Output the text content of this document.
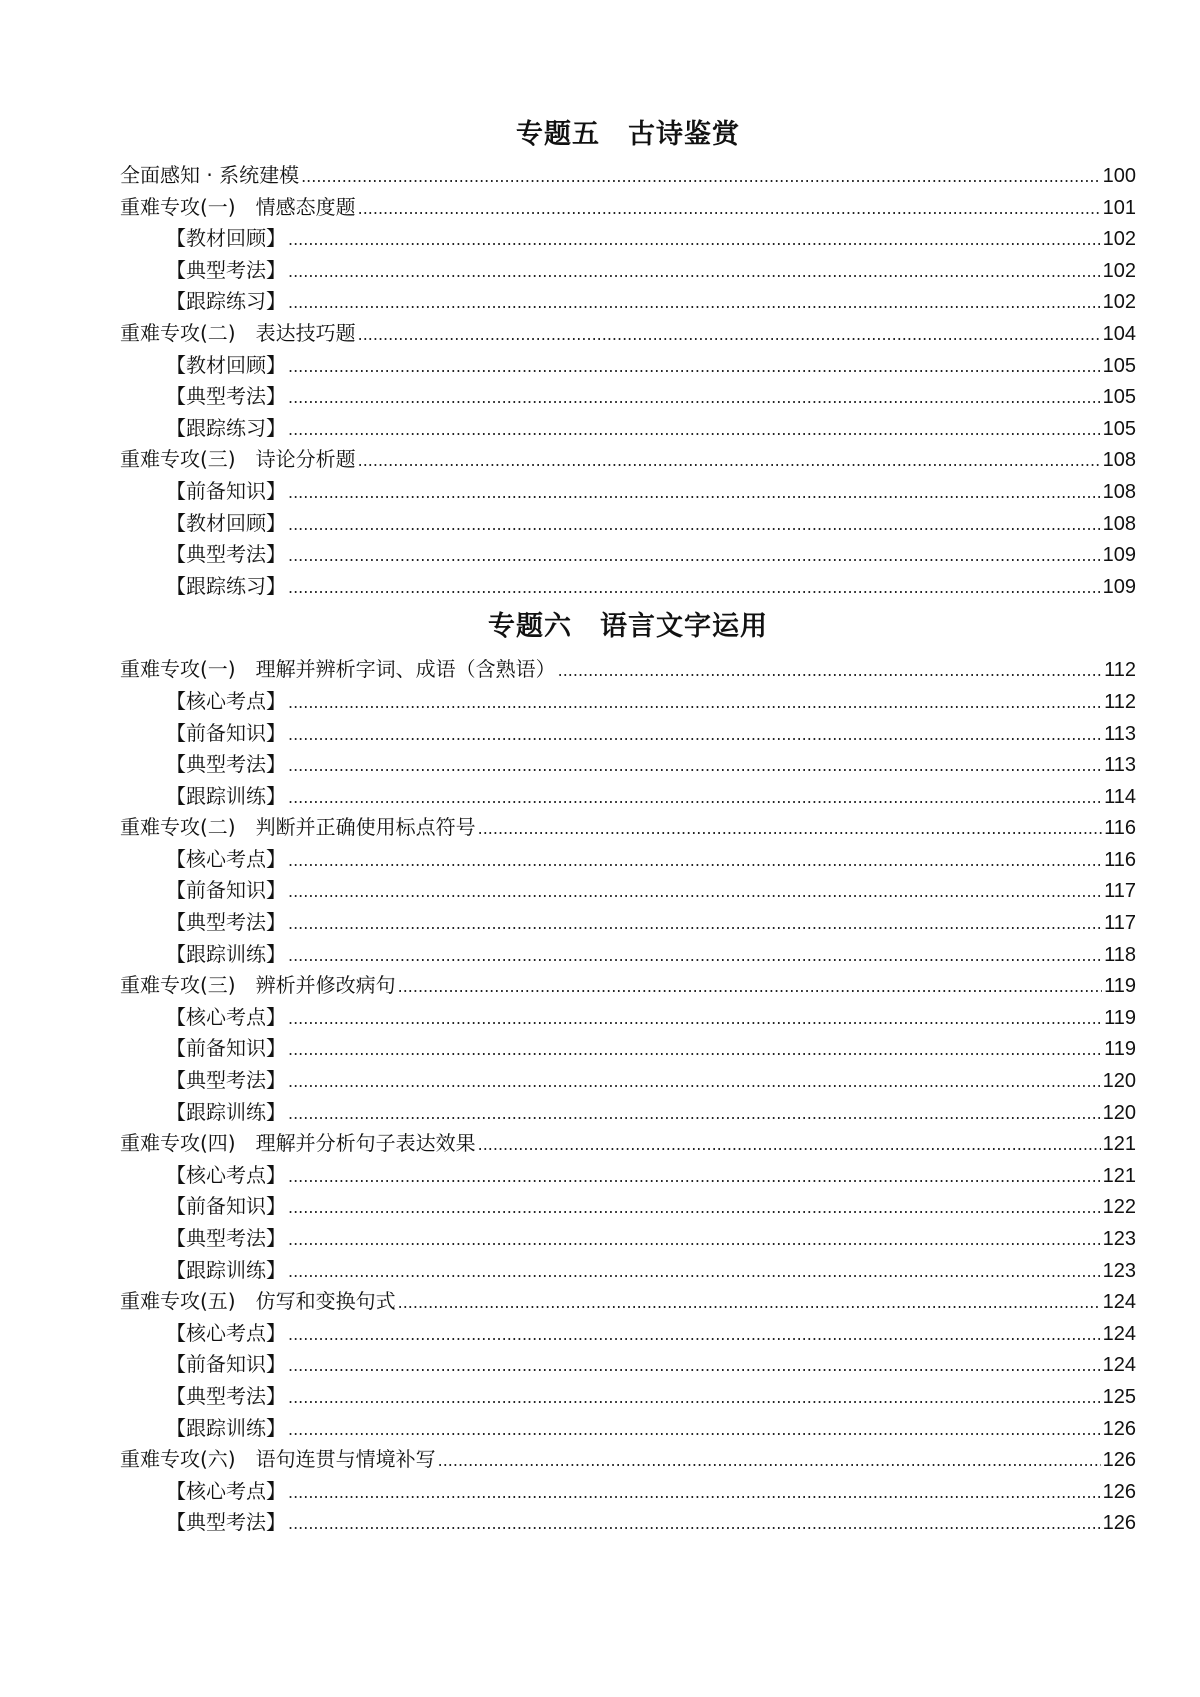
专题五　古诗鉴赏
全面感知 · 系统建模 .....	100
重难专攻(一)　情感态度题 .....	101
【教材回顾】 .....	102
【典型考法】 .....	102
【跟踪练习】 .....	102
重难专攻(二)　表达技巧题 .....	104
【教材回顾】 .....	105
【典型考法】 .....	105
【跟踪练习】 .....	105
重难专攻(三)　诗论分析题 .....	108
【前备知识】 .....	108
【教材回顾】 .....	108
【典型考法】 .....	109
【跟踪练习】 .....	109
专题六　语言文字运用
重难专攻(一)　理解并辨析字词、成语（含熟语） .....	112
【核心考点】 .....	112
【前备知识】 .....	113
【典型考法】 .....	113
【跟踪训练】 .....	114
重难专攻(二)　判断并正确使用标点符号 .....	116
【核心考点】 .....	116
【前备知识】 .....	117
【典型考法】 .....	117
【跟踪训练】 .....	118
重难专攻(三)　辨析并修改病句 .....	119
【核心考点】 .....	119
【前备知识】 .....	119
【典型考法】 .....	120
【跟踪训练】 .....	120
重难专攻(四)　理解并分析句子表达效果 .....	121
【核心考点】 .....	121
【前备知识】 .....	122
【典型考法】 .....	123
【跟踪训练】 .....	123
重难专攻(五)　仿写和变换句式 .....	124
【核心考点】 .....	124
【前备知识】 .....	124
【典型考法】 .....	125
【跟踪训练】 .....	126
重难专攻(六)　语句连贯与情境补写 .....	126
【核心考点】 .....	126
【典型考法】 .....	126
